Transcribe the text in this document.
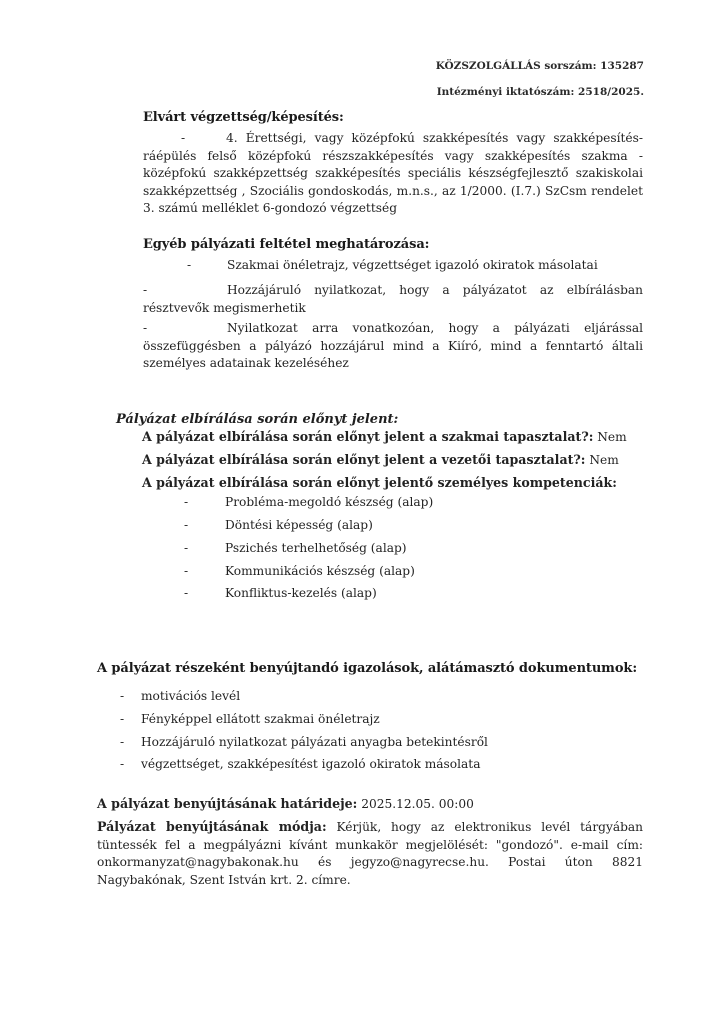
KÖZSZOLGÁLLÁS sorszám: 135287
Intézményi iktatószám: 2518/2025.
Elvárt végzettség/képesítés:
-	4. Érettségi, vagy középfokú szakképesítés vagy szakképesítés-ráépülés felső középfokú részszakképesítés vagy szakképesítés szakma - középfokú szakképzettség szakképesítés speciális készségfejlesztő szakiskolai szakképzettség , Szociális gondoskodás, m.n.s., az 1/2000. (I.7.) SzCsm rendelet 3. számú melléklet 6-gondozó végzettség
Egyéb pályázati feltétel meghatározása:
-	Szakmai önéletrajz, végzettséget igazoló okiratok másolatai
-	Hozzájáruló nyilatkozat, hogy a pályázatot az elbírálásban résztvevők megismerhetik
-	Nyilatkozat arra vonatkozóan, hogy a pályázati eljárással összefüggésben a pályázó hozzájárul mind a Kiíró, mind a fenntartó általi személyes adatainak kezeléséhez
Pályázat elbírálása során előnyt jelent:
A pályázat elbírálása során előnyt jelent a szakmai tapasztalat?: Nem
A pályázat elbírálása során előnyt jelent a vezetői tapasztalat?: Nem
A pályázat elbírálása során előnyt jelentő személyes kompetenciák:
-	Probléma-megoldó készség (alap)
-	Döntési képesség (alap)
-	Pszichés terhelhetőség (alap)
-	Kommunikációs készség (alap)
-	Konfliktus-kezelés (alap)
A pályázat részeként benyújtandó igazolások, alátámasztó dokumentumok:
- motivációs levél
- Fényképpel ellátott szakmai önéletrajz
- Hozzájáruló nyilatkozat pályázati anyagba betekintésről
- végzettséget, szakképesítést igazoló okiratok másolata
A pályázat benyújtásának határideje: 2025.12.05. 00:00
Pályázat benyújtásának módja: Kérjük, hogy az elektronikus levél tárgyában tüntessék fel a megpályázni kívánt munkakör megjelölését: "gondozó". e-mail cím: onkormanyzat@nagybakonak.hu és jegyzo@nagyrecse.hu. Postai úton 8821 Nagybakónak, Szent István krt. 2. címre.
